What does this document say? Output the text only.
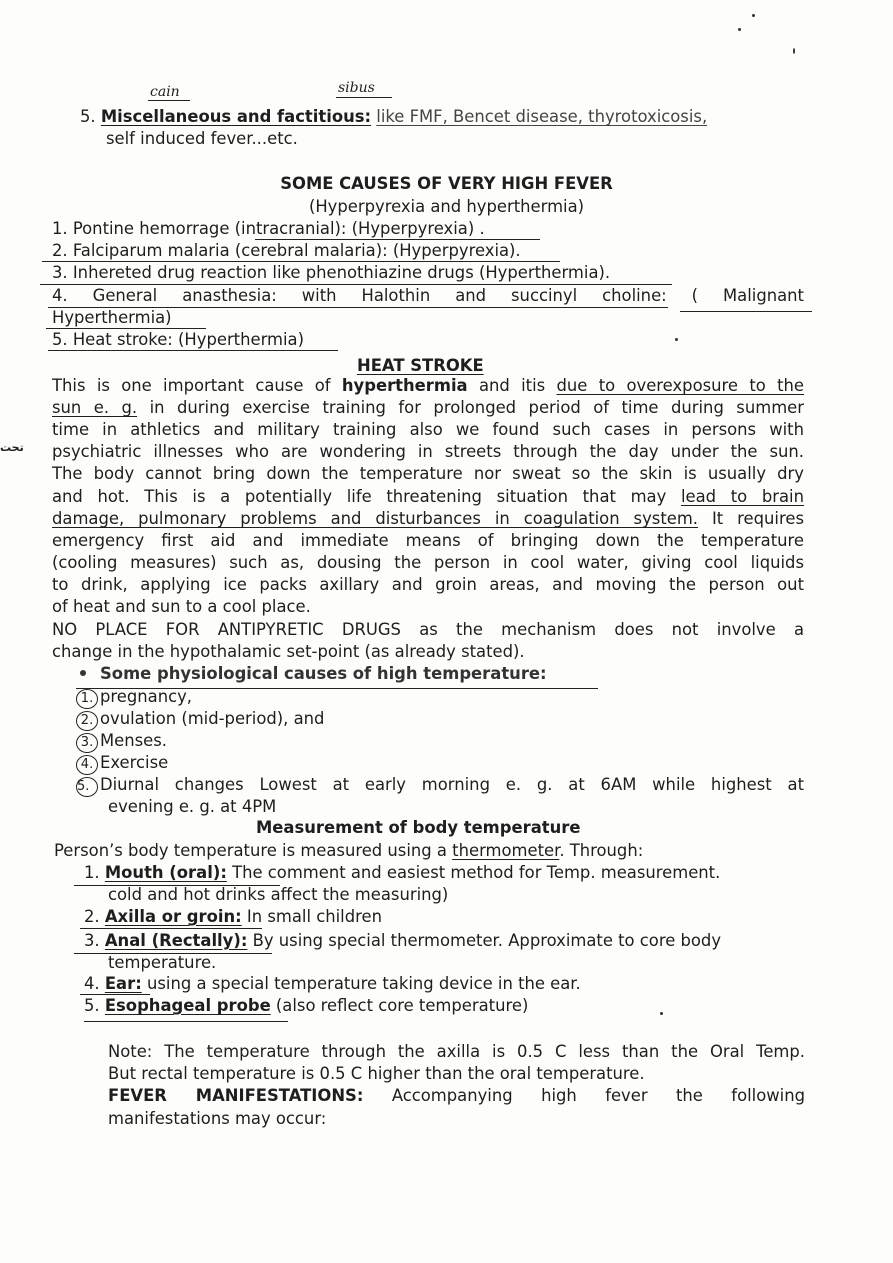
cain	sibus
تحت
5. Miscellaneous and factitious: like FMF, Bencet disease, thyrotoxicosis,
self induced fever...etc.
SOME CAUSES OF VERY HIGH FEVER
(Hyperpyrexia and hyperthermia)
1. Pontine hemorrage (intracranial): (Hyperpyrexia) .
2. Falciparum malaria (cerebral malaria): (Hyperpyrexia).
3. Inhereted drug reaction like phenothiazine drugs (Hyperthermia).
4. General anasthesia: with Halothin and succinyl choline: ( Malignant
Hyperthermia)
5. Heat stroke: (Hyperthermia)
HEAT STROKE
This is one important cause of hyperthermia and itis due to overexposure to the
sun e. g. in during exercise training for prolonged period of time during summer
time in athletics and military training also we found such cases in persons with
psychiatric illnesses who are wondering in streets through the day under the sun.
The body cannot bring down the temperature nor sweat so the skin is usually dry
and hot. This is a potentially life threatening situation that may lead to brain
damage, pulmonary problems and disturbances in coagulation system. It requires
emergency first aid and immediate means of bringing down the temperature
(cooling measures) such as, dousing the person in cool water, giving cool liquids
to drink, applying ice packs axillary and groin areas, and moving the person out
of heat and sun to a cool place.
NO PLACE FOR ANTIPYRETIC DRUGS as the mechanism does not involve a
change in the hypothalamic set-point (as already stated).
Some physiological causes of high temperature:
1. pregnancy,
2. ovulation (mid-period), and
3. Menses.
4. Exercise
5. Diurnal changes Lowest at early morning e. g. at 6AM while highest at
evening e. g. at 4PM
Measurement of body temperature
Person’s body temperature is measured using a thermometer. Through:
1. Mouth (oral): The comment and easiest method for Temp. measurement.
cold and hot drinks affect the measuring)
2. Axilla or groin: In small children
3. Anal (Rectally): By using special thermometer. Approximate to core body
temperature.
4. Ear: using a special temperature taking device in the ear.
5. Esophageal probe (also reflect core temperature)
Note: The temperature through the axilla is 0.5 C less than the Oral Temp.
But rectal temperature is 0.5 C higher than the oral temperature.
FEVER MANIFESTATIONS: Accompanying high fever the following
manifestations may occur:
